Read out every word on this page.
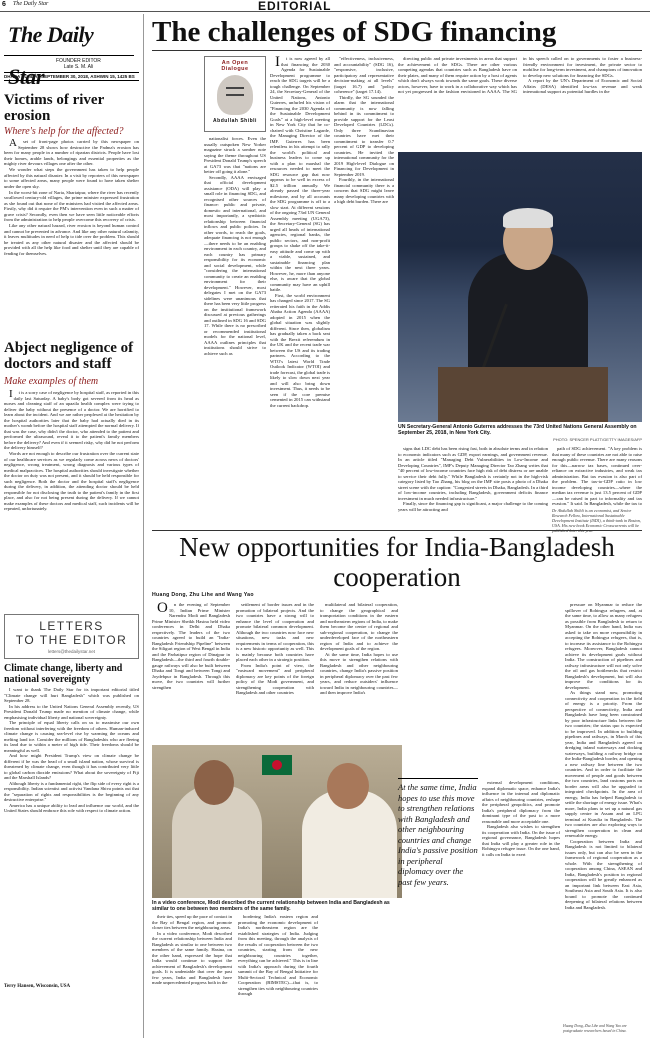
6 The Daily Star	EDITORIAL
The Daily Star
FOUNDER EDITOR
Late S. M. Ali
DHAKA SUNDAY SEPTEMBER 30, 2018, ASHWIN 15, 1425 BS
Victims of river erosion
Where's help for the affected?

Aset of front-page photos carried by this newspaper on September 28 shows how destructive the Padma's erosion has been for many people in a number of riparian districts. People have lost their homes, arable lands, belongings and essential properties as the mighty river devours villages one after the other.

We wonder what steps the government has taken to help people affected by this natural disaster. In a visit by reporters of this newspaper to some affected areas, many people were found to have taken shelter under the open sky.

In the worst-hit zone of Naria, Shariatpur, where the river has recently swallowed century-old villages, the prime minister expressed frustration as she found out that none of the ministers had visited the affected areas. Firstly, why did it require the PM's intervention even in such a matter of grave crisis? Secondly, even then we have seen little noticeable efforts from the administration to help people overcome this recovery of crisis.

Like any other natural hazard, river erosion is beyond human control and cannot be prevented in advance. And like any other natural calamity, it leaves multitudes in need of help to tide over the problem. This should be treated as any other natural disaster and the affected should be provided with all the help like food and shelter until they are capable of fending for themselves.

Abject negligence of doctors and staff
Make examples of them

It is a sorry case of negligence by hospital staff, as reported in this daily last Saturday. A baby's body got severed from its head as nurses and cleaning staff of an upazila health complex were trying to deliver the baby without the presence of a doctor. We are horrified to learn about the incident. And we are rather perplexed at the hesitation by the hospital authorities later that the baby had actually died in its mother's womb before the hospital staff attempted the normal delivery. If that was the case, why didn't the doctor, who attended to the patient and performed the ultrasound, reveal it to the patient's family members before the delivery? And even if it seemed risky, why did he not perform the delivery himself?

Words are not enough to describe our frustration over the current state of our healthcare services as we regularly come across news of doctors' negligence, wrong treatment, wrong diagnosis and various types of medical malpractices. The hospital authorities should investigate whether the doctor on duty was not present, and it should be held responsible for such negligence. Both the doctor and the hospital staff's negligence during the delivery, in addition, the attending doctor should be held responsible for not disclosing the truth to the patient's family in the first place, and also for not being present during the delivery. If we cannot make examples of these doctors and medical staff, such incidents will be repeated, unfortunately.

LETTERS
TO THE EDITOR
letters@thedailystar.net
Climate change, liberty and national sovereignty

I want to thank The Daily Star for its important editorial titled "Climate change will hurt Bangladesh" which was published on September 28.

In his address to the United Nations General Assembly recently, US President Donald Trump made no mention of climate change, while emphasising individual liberty and national sovereignty.

The principle of equal liberty calls on us to maximise our own freedom without interfering with the freedom of others. Human-induced climate change is causing sea-level rise by warming the oceans and melting land ice. Consider the millions of Bangladeshis who are fleeing its land due to within a meter of high tide. Their freedoms should be meaningful as well.

And how might President Trump's view on climate change be different if he was the head of a small island nation, whose survival is threatened by climate change, even though it has contributed very little to global carbon dioxide emissions? What about the sovereignty of Fiji and the Marshall Islands?

Although liberty is a fundamental right, the flip side of every right is a responsibility. Indian scientist and activist Vandana Shiva points out that the "separation of rights and responsibilities is the beginning of any destructive enterprise."

America has a unique ability to lead and influence our world, and the United States should embrace this role with respect to climate action.

Terry Hansen, Wisconsin, USA
The challenges of SDG financing
An Open
Dialogue
Abdullah Shibli

It is now agreed by all that financing the 2030 Agenda for Sustainable Development programme to reach the SDG targets will be a tough challenge. On September 24, the Secretary-General of the United Nations, Antonio Guterres, unfurled his vision of "Financing the 2030 Agenda of the Sustainable Development Goals" at a high-level meeting in New York City that he co-chaired with Christine Lagarde, the Managing Director of the IMF. Guterres has been relentless in his attempt to rally the world's political and business leaders to come up with a plan to marshal the resources needed to meet the SDG resource gap that now appears to be well in excess of $2.5 trillion annually. We already passed the three-year milestone, and by all accounts the SDG programme is off to a slow start. At different sessions of the ongoing 73rd UN General Assembly meeting (UGA73), the Secretary-General (SG) has urged all heads of international agencies, regional banks, the public sectors, and non-profit groups to shake off the take-it-easy attitude and come up with a viable, sustained, and sustainable financing plan within the next three years. However, he, more than anyone else, is aware that the global community may have an uphill battle.

First, the world environment has changed since 2017. The SG reiterated his faith in the Addis Ababa Action Agenda (AAAA) adopted in 2015 when the global situation was slightly different. Since then, globalism has gradually taken a back seat with the Brexit referendum in the UK and the recent trade war between the US and its trading partners. According to the WTO's latest World Trade Outlook Indicator (WTOI) and trade forecast, the global trade is likely to slow down next year and will also bring down investment. Thus, it needs to be seen if the core premise cemented in 2015 can withstand the current backdrop.

nationalist forces. Even the usually outspoken New Yorker magazine struck a somber note saying the theme throughout US President Donald Trump's speech at GA73 was that "nations are better off going it alone."

Secondly, AAAA envisaged that official development assistance (ODA) will play a small role in financing SDG, and recognised other sources of finance: public and private, domestic and international, and most importantly, a symbiotic relationship between financial inflows and public policies. In other words, to reach the goals, adequate financing is not enough—there needs to be an enabling environment in each country, and each country has primary responsibility for its economic and social development, while "considering the international community to create an enabling environment for their development." However, most delegates I met on the GA73 sidelines were unanimous that there has been very little progress on the institutional framework discussed at previous gatherings and outlined in SDG 16 and SDG 17. While there is no prescribed or recommended institutional models for the national level, AAAA outlines principles that institutions should strive to achieve such as

"effectiveness, inclusiveness, and accountability" (SDG 16), "responsive, inclusive, participatory and representative decision-making at all levels" (target 16.7) and "policy coherence" (target 17.14).

Thirdly, the SG sounded the alarm that the international community is now falling behind in its commitment to provide support for the Least Developed Countries (LDCs). Only three Scandinavian countries have met their commitment to transfer 0.7 percent of GDP to developing countries. He invited the international community for the 2019 High-level Dialogue on Financing for Development in September 2019.

Fourthly, in the international financial community there is a concern that SDG might leave many developing countries with a high debt burden. There are

directing public and private investments in areas that support the achievement of the SDGs. There are other various competing agendas that countries such as Bangladesh have on their plates, and many of them require action by a host of agents which don't always work towards the same goals. These diverse actors, however, have to work in a collaborative way which has not yet progressed in the fashion envisioned in AAAA. The SG in his speech called on to governments to foster a business-friendly environment for investment, the private sector to mobilise for long-term investment, and champions of innovation to develop new solutions for financing the SDGs.

A report by the UN's Department of Economic and Social Affairs (DESA) identified low-tax revenue and weak international support as potential hurdles in the

UN Secretary-General Antonio Guterres addresses the 73rd United Nations General Assembly on September 25, 2018, in New York City.
PHOTO: SPENCER PLATT/GETTY IMAGES/AFP

signs that LDC debt has been rising fast, both in absolute terms and in relation to economic indicators such as GDP, export earnings, and government revenue. In an article titled "Managing Debt Vulnerabilities in Low-Income and Developing Countries", IMF's Deputy Managing Director Tao Zhang writes that "40 percent of low-income countries face high risk of debt distress or are unable to service their debt fully." While Bangladesh is certainly not in the high-risk category listed by Tao Zhang, his blog on the IMF site posts a photo of a Dhaka street scene with the caption: "Congested streets in Dhaka, Bangladesh. In a third of low-income countries, including Bangladesh, government deficits finance investment in much needed infrastructure."

Finally, since the financing gap is significant, a major challenge to the coming years will be attracting and

path of SDG achievement. "A key problem is that many of these countries are not able to raise enough public revenue. There are many reasons for this—narrow tax bases, continued over-reliance on extractive industries, and weak tax administration. But tax evasion is also part of the problem. The tax-to-GDP ratio in low income developing countries—where the median tax revenue is just 13.5 percent of GDP—can be raised in part to informality and tax evasion." It said. In Bangladesh, while the tax to

Dr Abdullah Shibli is an economist, and Senior Research Fellow, International Sustainable Development Institute (ISDI), a think-tank in Boston, USA. His new book Economic Crosscurrents will be
New opportunities for India-Bangladesh cooperation
Huang Dong, Zhu Lihe and Wang Yao

On the evening of September 10, Indian Prime Minister Narendra Modi and Bangladesh Prime Minister Sheikh Hasina held video conferences in Delhi and Dhaka respectively. The leaders of the two countries agreed to build an "India-Bangladesh Friendship Pipeline" between the Siliguri region of West Bengal in India and the Parbatipur region of Dinajpur in Bangladesh—the third and fourth double-gauge railways will also be built between Dhaka and Tongi and between Tongi and Joydebpur in Bangladesh. Through this move, the two countries will further strengthen

settlement of border issues and in the promotion of bilateral projects. And the two countries have a strong will to enhance the level of cooperation and promote bilateral common development. Although the two countries now face new situations, new tasks and new requirements in terms of cooperation, this is a new historic opportunity as well. This is mainly because both countries have placed each other in a strategic position.

From India's point of view, the "eastward movement" and peripheral diplomacy are key points of the foreign policy of the Modi government, and strengthening cooperation with Bangladesh and other countries

multilateral and bilateral cooperation, to change the geographical and transportation conditions in the eastern and northeastern regions of India, to make them become the centre of regional and sub-regional cooperation, to change the underdeveloped face of the northeastern region of India and to achieve the development goals of the region.

At the same time, India hopes to use this move to strengthen relations with Bangladesh and other neighbouring countries, change India's passive position in peripheral diplomacy over the past few years, and reduce outsiders' influence toward India in neighbouring countries—and then improve India's

pressure on Myanmar to reduce the spillover of Rohingya refugees, and, at the same time, to allow as many refugees as possible from Bangladesh to return to Myanmar. On the other hand, India was asked to take on more responsibility in accepting the Rohingya refugees, that is, to increase its assistance to the Rohingya refugees. Moreover, Bangladesh cannot achieve its development goals without India. The construction of pipelines and railway infrastructure will not only solve the oil and gas bottlenecks that restrict Bangladesh's development, but will also improve the conditions for its development.

As things stand now, promoting connectivity and cooperation in the field of energy is a priority. From the perspective of connectivity, India and Bangladesh have long been constrained by poor infrastructure links between the two countries; the status quo is expected to be improved. In addition to building pipelines and railways, in March of this year, India and Bangladesh agreed on dredging inland waterways and docking waterways, building a railway bridge on the India-Bangladesh border, and opening a new railway line between the two countries. And in order to facilitate the movement of people and goods between the two countries, land customs ports on border areas will also be upgraded to integrated checkpoints. In the area of energy, India has helped Bangladesh to settle the shortage of energy issue. What's more, India plans to set up a natural gas supply centre in Assam and an LPG terminal at Kurulia in Bangladesh. The two countries are also exploring ways to strengthen cooperation in clean and renewable energy.

Cooperation between India and Bangladesh is not limited to bilateral issues only, but can also be seen in the framework of regional cooperation as a whole. With the strengthening of cooperation among China, ASEAN and India, Bangladesh's position in regional cooperation will be greatly enhanced as an important link between East Asia, Southeast Asia and South Asia. It is also bound to promote the continued deepening of bilateral relations between India and Bangladesh.

In a video conference, Modi described the current relationship between India and Bangladesh as similar to one between two members of the same family.
At the same time, India hopes to use this move to strengthen relations with Bangladesh and other neighbouring countries and change India's passive position in peripheral diplomacy over the past few years.

their ties, speed up the pace of contact in the Bay of Bengal region, and promote closer ties between the neighbouring areas.

In a video conference, Modi described the current relationship between India and Bangladesh as similar to one between two members of the same family. Hasina, on the other hand, expressed the hope that India would continue to support the achievement of Bangladesh's development goals. It is undeniable that over the past few years, India and Bangladesh have made unprecedented progress both in the

bordering India's eastern region and promoting the economic development of India's northeastern region are the established strategies of India. Judging from this meeting, through the analysis of the results of cooperation between the two countries, starting from the new neighbouring countries together, everything can be achieved." This is in line with India's approach during the fourth summit of the Bay of Bengal Initiative for Multi-Sectoral Technical and Economic Cooperation (BIMSTEC)—that is, to strengthen ties with neighbouring countries through

external development conditions, expand diplomatic space, enhance India's influence in the internal and diplomatic affairs of neighbouring countries, reshape the peripheral geopolitics, and promote India's peripheral diplomacy from the dominant type of the past to a more reasonable and more acceptable one.

Bangladesh also wishes to strengthen its cooperation with India. On the issue of regional governance, Bangladesh hopes that India will play a greater role in the Rohingya refugee issue. On the one hand, it calls on India to exert

Huang Dong, Zhu Lihe and Wang Yao are postgraduate researchers based in China.
